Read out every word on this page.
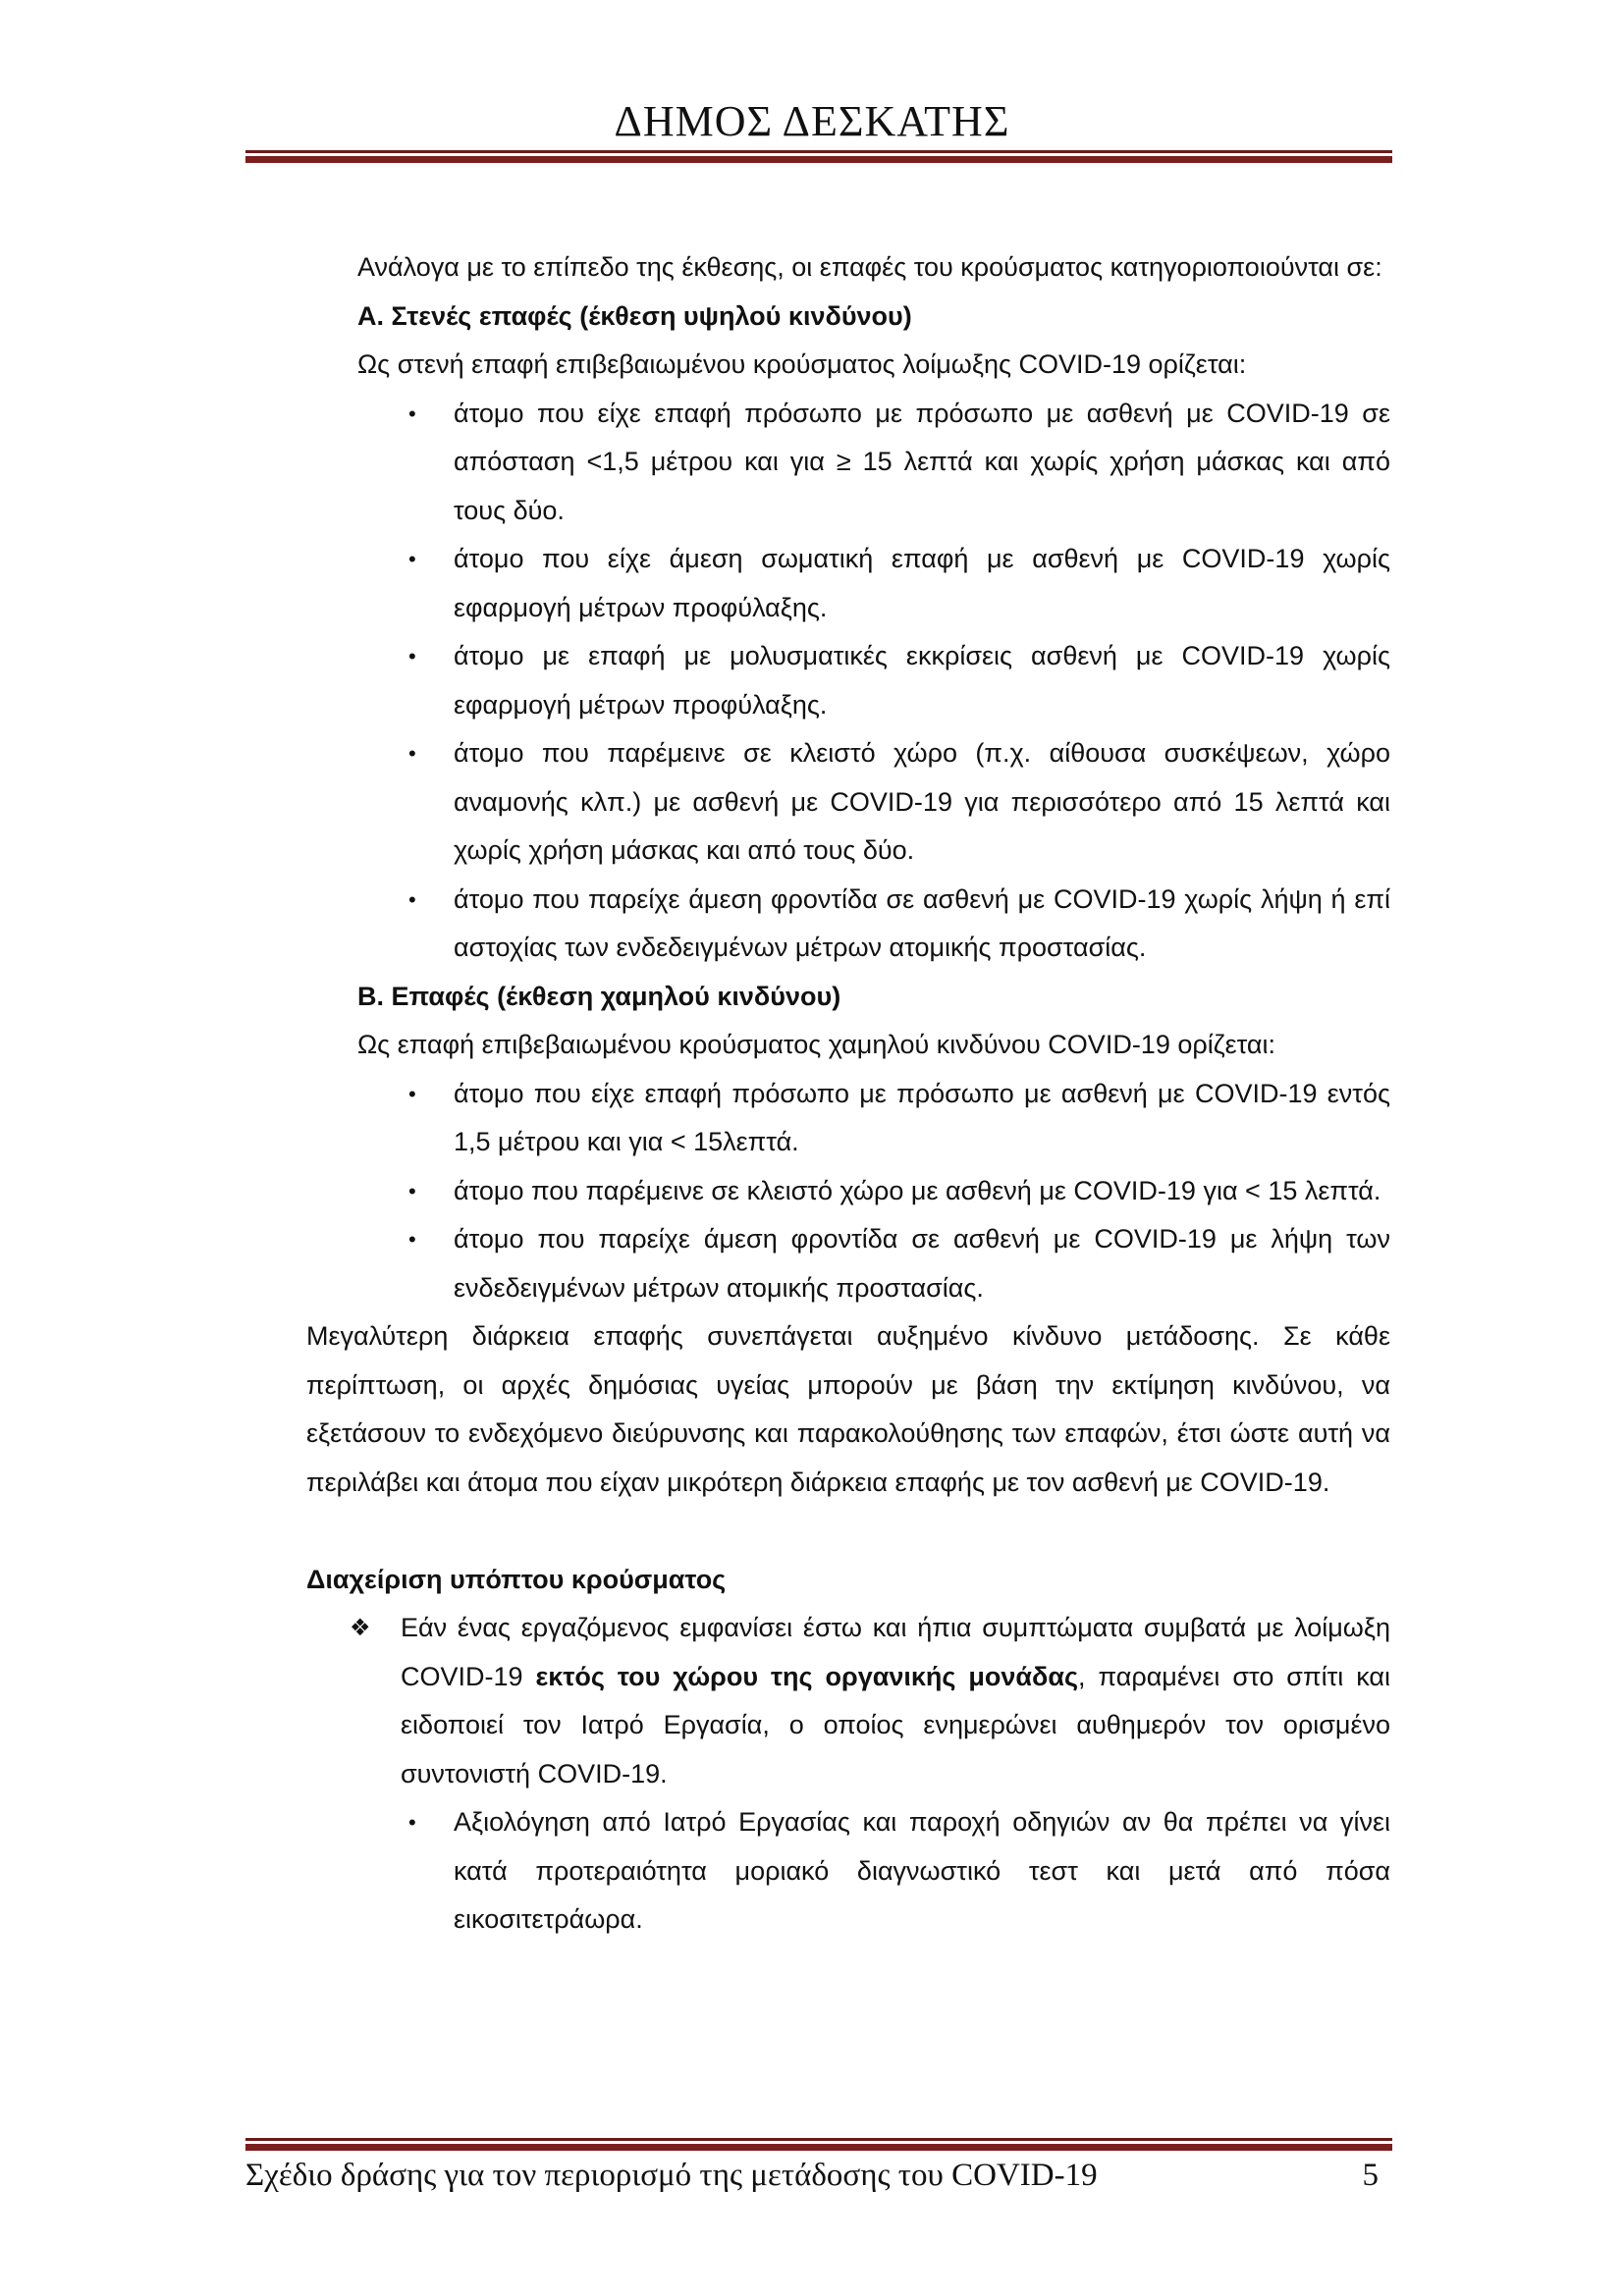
ΔΗΜΟΣ ΔΕΣΚΑΤΗΣ
Ανάλογα με το επίπεδο της έκθεσης, οι επαφές του κρούσματος κατηγοριοποιούνται σε:
Α. Στενές επαφές (έκθεση υψηλού κινδύνου)
Ως στενή επαφή επιβεβαιωμένου κρούσματος λοίμωξης COVID-19 ορίζεται:
• άτομο που είχε επαφή πρόσωπο με πρόσωπο με ασθενή με COVID-19 σε απόσταση <1,5 μέτρου και για ≥ 15 λεπτά και χωρίς χρήση μάσκας και από τους δύο.
• άτομο που είχε άμεση σωματική επαφή με ασθενή με COVID-19 χωρίς εφαρμογή μέτρων προφύλαξης.
• άτομο με επαφή με μολυσματικές εκκρίσεις ασθενή με COVID-19 χωρίς εφαρμογή μέτρων προφύλαξης.
• άτομο που παρέμεινε σε κλειστό χώρο (π.χ. αίθουσα συσκέψεων, χώρο αναμονής κλπ.) με ασθενή με COVID-19 για περισσότερο από 15 λεπτά και χωρίς χρήση μάσκας και από τους δύο.
• άτομο που παρείχε άμεση φροντίδα σε ασθενή με COVID-19 χωρίς λήψη ή επί αστοχίας των ενδεδειγμένων μέτρων ατομικής προστασίας.
Β. Επαφές (έκθεση χαμηλού κινδύνου)
Ως επαφή επιβεβαιωμένου κρούσματος χαμηλού κινδύνου COVID-19 ορίζεται:
• άτομο που είχε επαφή πρόσωπο με πρόσωπο με ασθενή με COVID-19 εντός 1,5 μέτρου και για < 15λεπτά.
• άτομο που παρέμεινε σε κλειστό χώρο με ασθενή με COVID-19 για < 15 λεπτά.
• άτομο που παρείχε άμεση φροντίδα σε ασθενή με COVID-19 με λήψη των ενδεδειγμένων μέτρων ατομικής προστασίας.
Μεγαλύτερη διάρκεια επαφής συνεπάγεται αυξημένο κίνδυνο μετάδοσης. Σε κάθε περίπτωση, οι αρχές δημόσιας υγείας μπορούν με βάση την εκτίμηση κινδύνου, να εξετάσουν το ενδεχόμενο διεύρυνσης και παρακολούθησης των επαφών, έτσι ώστε αυτή να περιλάβει και άτομα που είχαν μικρότερη διάρκεια επαφής με τον ασθενή με COVID-19.
Διαχείριση υπόπτου κρούσματος
❖ Εάν ένας εργαζόμενος εμφανίσει έστω και ήπια συμπτώματα συμβατά με λοίμωξη COVID-19 εκτός του χώρου της οργανικής μονάδας, παραμένει στο σπίτι και ειδοποιεί τον Ιατρό Εργασία, ο οποίος ενημερώνει αυθημερόν τον ορισμένο συντονιστή COVID-19.
• Αξιολόγηση από Ιατρό Εργασίας και παροχή οδηγιών αν θα πρέπει να γίνει κατά προτεραιότητα μοριακό διαγνωστικό τεστ και μετά από πόσα εικοσιτετράωρα.
Σχέδιο δράσης για τον περιορισμό της μετάδοσης του COVID-19	5
